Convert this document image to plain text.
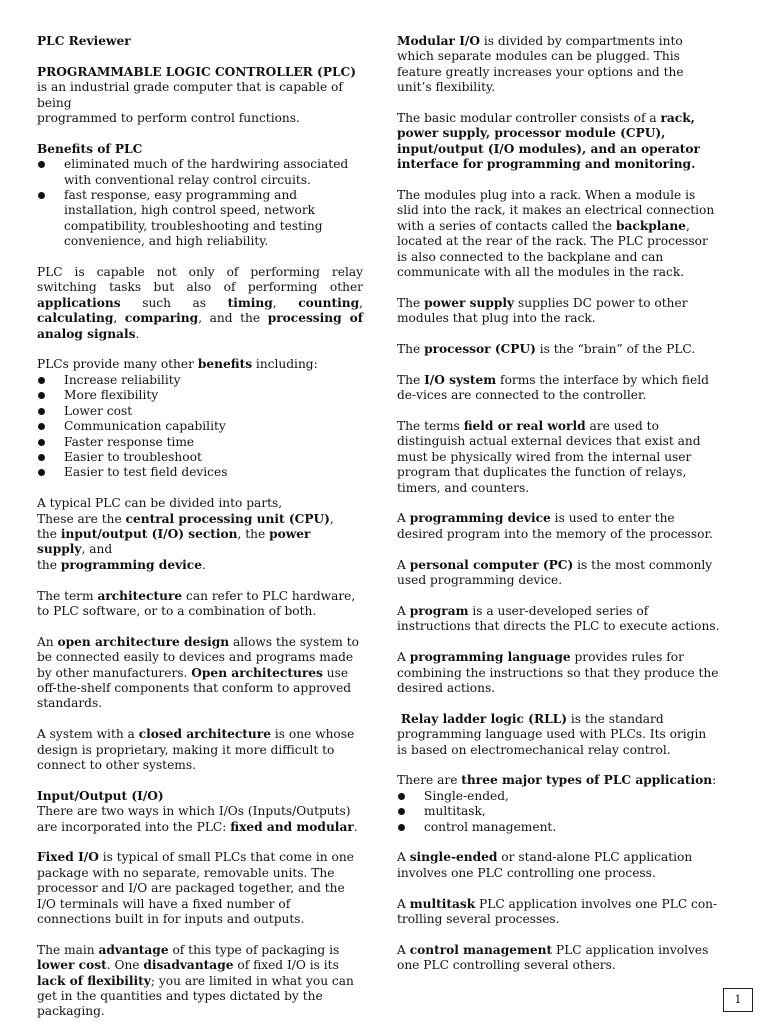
PLC Reviewer

PROGRAMMABLE LOGIC CONTROLLER (PLC)

is an industrial grade computer that is capable of being
programmed to perform control functions.

Benefits of PLC

eliminated much of the hardwiring associated with conventional relay control circuits.
fast response, easy programming and installation, high control speed, network compatibility, troubleshooting and testing convenience, and high reliability.

PLC is capable not only of performing relay switching tasks but also of performing other applications such as timing, counting, calculating, comparing, and the processing of analog signals.

PLCs provide many other benefits including:

Increase reliability
More flexibility
Lower cost
Communication capability
Faster response time
Easier to troubleshoot
Easier to test field devices

A typical PLC can be divided into parts,
These are the central processing unit (CPU),
the input/output (I/O) section, the power supply, and
the programming device.

The term architecture can refer to PLC hardware, to PLC software, or to a combination of both.

An open architecture design allows the system to be connected easily to devices and programs made by other manufacturers. Open architectures use off-the-shelf components that conform to approved standards.

A system with a closed architecture is one whose design is proprietary, making it more difficult to connect to other systems.

Input/Output (I/O)
There are two ways in which I/Os (Inputs/Outputs) are incorporated into the PLC: fixed and modular.

Fixed I/O is typical of small PLCs that come in one package with no separate, removable units. The processor and I/O are packaged together, and the I/O terminals will have a fixed number of connections built in for inputs and outputs.

The main advantage of this type of packaging is
lower cost. One disadvantage of fixed I/O is its lack of flexibility; you are limited in what you can get in the quantities and types dictated by the packaging.

Modular I/O is divided by compartments into which separate modules can be plugged. This feature greatly increases your options and the unit’s flexibility.

The basic modular controller consists of a rack, power supply, processor module (CPU), input/output (I/O modules), and an operator interface for programming and monitoring.

The modules plug into a rack. When a module is slid into the rack, it makes an electrical connection with a series of contacts called the backplane, located at the rear of the rack. The PLC processor is also connected to the backplane and can communicate with all the modules in the rack.

The power supply supplies DC power to other modules that plug into the rack.

The processor (CPU) is the “brain” of the PLC.

The I/O system forms the interface by which field de-vices are connected to the controller.

The terms field or real world are used to distinguish actual external devices that exist and must be physically wired from the internal user program that duplicates the function of relays, timers, and counters.

A programming device is used to enter the desired program into the memory of the processor.

A personal computer (PC) is the most commonly used programming device.

A program is a user-developed series of instructions that directs the PLC to execute actions.

A programming language provides rules for combining the instructions so that they produce the desired actions.

Relay ladder logic (RLL) is the standard programming language used with PLCs. Its origin is based on electromechanical relay control.

There are three major types of PLC application:

Single-ended,
multitask,
control management.

A single-ended or stand-alone PLC application involves one PLC controlling one process.

A multitask PLC application involves one PLC con-trolling several processes.

A control management PLC application involves one PLC controlling several others.

1
